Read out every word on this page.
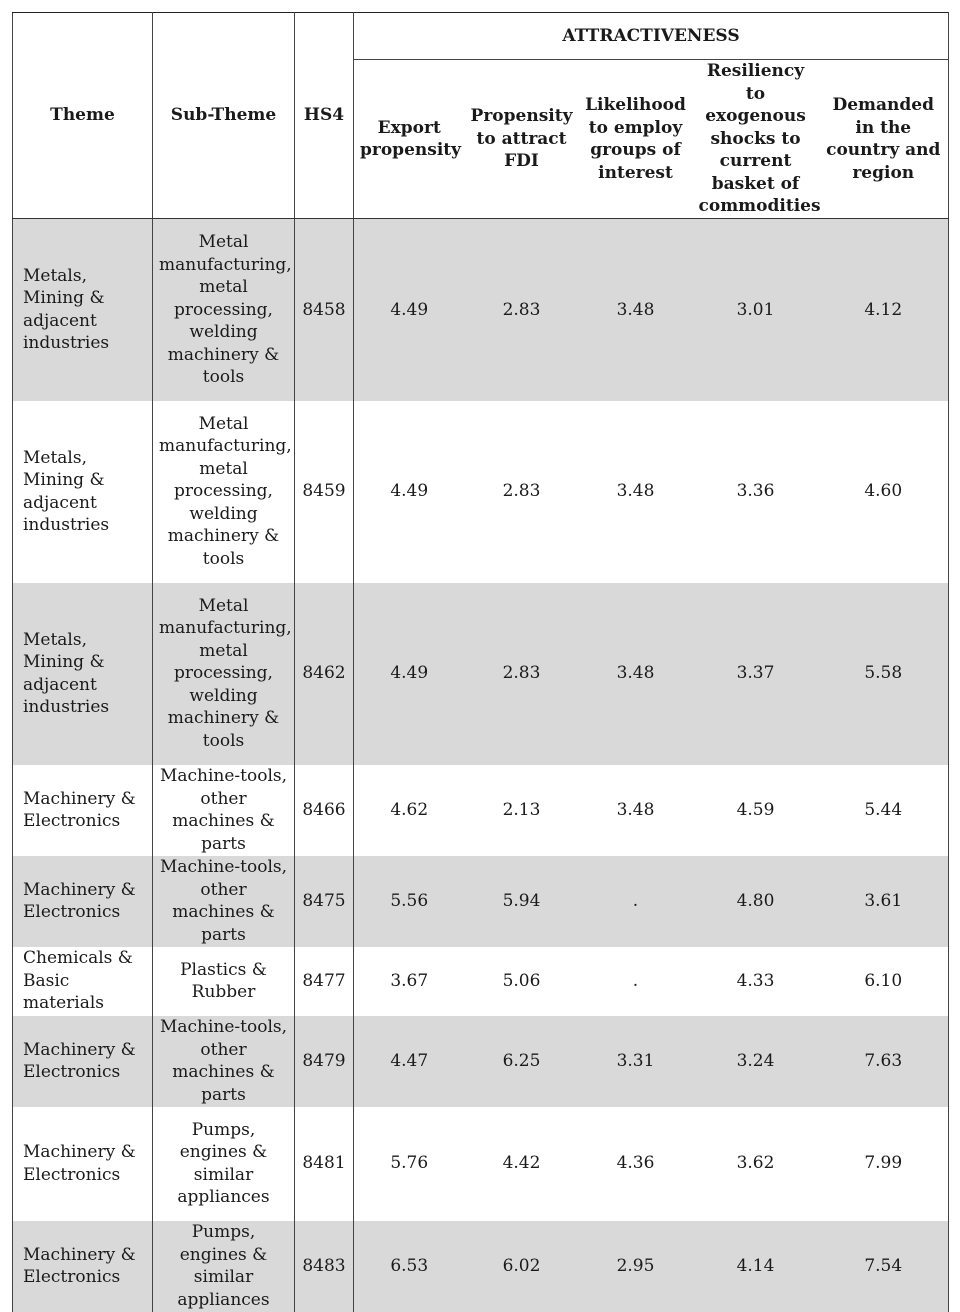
Theme	Sub-Theme	HS4	ATTRACTIVENESS				
			Export propensity	Propensity to attract FDI	Likelihood to employ groups of interest	Resiliency to exogenous shocks to current basket of commodities	Demanded in the country and region
Metals, Mining & adjacent industries	Metal manufacturing, metal processing, welding machinery & tools	8458	4.49	2.83	3.48	3.01	4.12
Metals, Mining & adjacent industries	Metal manufacturing, metal processing, welding machinery & tools	8459	4.49	2.83	3.48	3.36	4.60
Metals, Mining & adjacent industries	Metal manufacturing, metal processing, welding machinery & tools	8462	4.49	2.83	3.48	3.37	5.58
Machinery & Electronics	Machine-tools, other machines & parts	8466	4.62	2.13	3.48	4.59	5.44
Machinery & Electronics	Machine-tools, other machines & parts	8475	5.56	5.94	.	4.80	3.61
Chemicals & Basic materials	Plastics & Rubber	8477	3.67	5.06	.	4.33	6.10
Machinery & Electronics	Machine-tools, other machines & parts	8479	4.47	6.25	3.31	3.24	7.63
Machinery & Electronics	Pumps, engines & similar appliances	8481	5.76	4.42	4.36	3.62	7.99
Machinery & Electronics	Pumps, engines & similar appliances	8483	6.53	6.02	2.95	4.14	7.54
